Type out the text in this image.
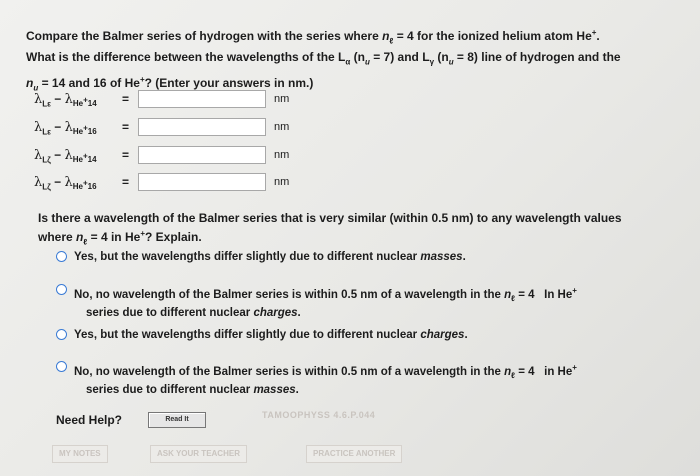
Compare the Balmer series of hydrogen with the series where $n_\ell = 4$ for the ionized helium atom He+.

What is the difference between the wavelengths of the $L_\alpha$ $(n_u = 7)$ and $L_\gamma$ $(n_u = 8)$ line of hydrogen and the

$n_u = 14$ and 16 of He+? (Enter your answers in nm.)

$\lambda_{L\varepsilon} - \lambda_{He^+14}$	=	nm
$\lambda_{L\varepsilon} - \lambda_{He^+16}$	=	nm
$\lambda_{L\zeta} - \lambda_{He^+14}$	=	nm
$\lambda_{L\zeta} - \lambda_{He^+16}$	=	nm

Is there a wavelength of the Balmer series that is very similar (within 0.5 nm) to any wavelength values

where $n_\ell = 4$ in He+? Explain.

Yes, but the wavelengths differ slightly due to different nuclear masses.
No, no wavelength of the Balmer series is within 0.5 nm of a wavelength in the $n_\ell = 4$ In He+
series due to different nuclear charges.
Yes, but the wavelengths differ slightly due to different nuclear charges.
No, no wavelength of the Balmer series is within 0.5 nm of a wavelength in the $n_\ell = 4$ in He+
series due to different nuclear masses.
Need Help?	Read It	TAMOOPHYSS 4.6.P.044
MY NOTES	ASK YOUR TEACHER	PRACTICE ANOTHER
